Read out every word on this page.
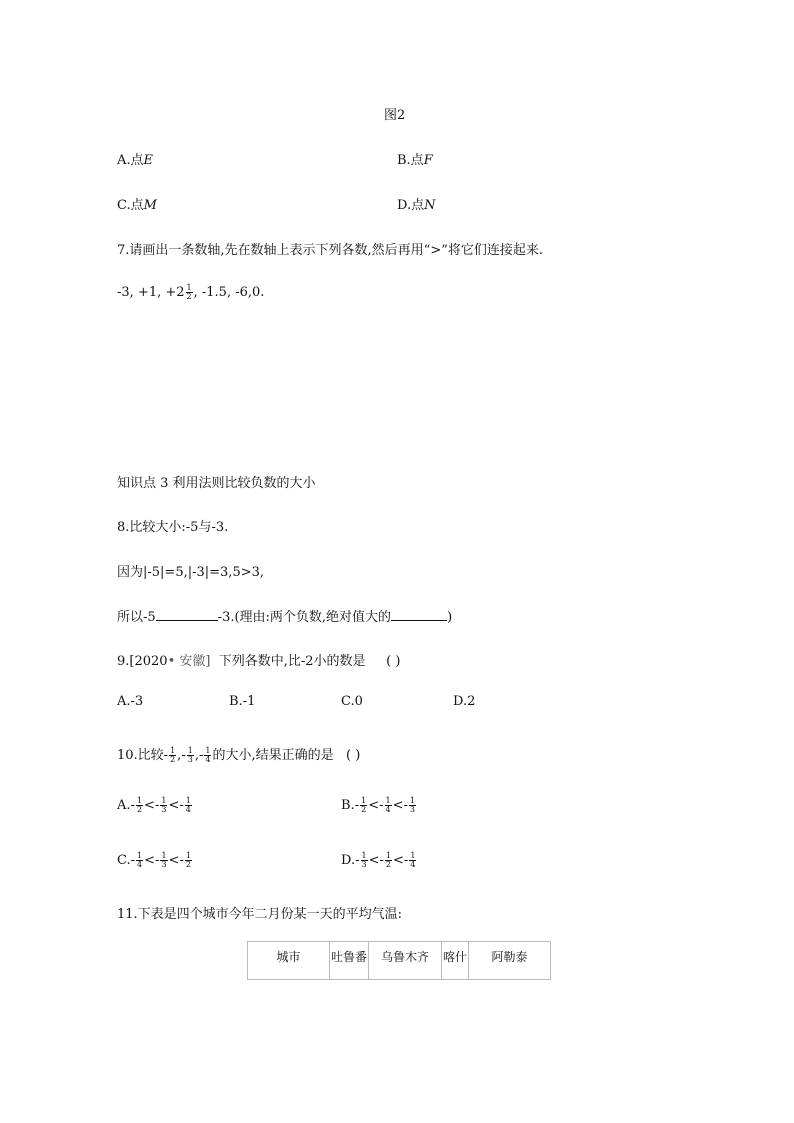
图2
A.点E	B.点F
C.点M	D.点N
7.请画出一条数轴,先在数轴上表示下列各数,然后再用“>”将它们连接起来.
-3, +1, $+2 \frac{1}{2}$ , -1.5, -6,0.
知识点 3 利用法则比较负数的大小
8.比较大小:-5与-3.
因为|-5|=5,|-3|=3,5>3,
所以-5	-3.(理由:两个负数,绝对值大的	)
9.[2020• 安徽] 下列各数中,比-2小的数是 ( )
A.-3	B.-1	C.0	D.2
10.比较- $\frac{1}{2}$ ,- $\frac{1}{3}$ ,- $\frac{1}{4}$ 的大小,结果正确的是 ( )
$A.- \frac{1}{2} <- \frac{1}{3} <- \frac{1}{4}$	$B.- \frac{1}{2} <- \frac{1}{4} <- \frac{1}{3}$
$C.- \frac{1}{4} <- \frac{1}{3} <- \frac{1}{2}$	$D.- \frac{1}{3} <- \frac{1}{2} <- \frac{1}{4}$
11.下表是四个城市今年二月份某一天的平均气温:
城市	吐鲁番	乌鲁木齐	喀什	阿勒泰
